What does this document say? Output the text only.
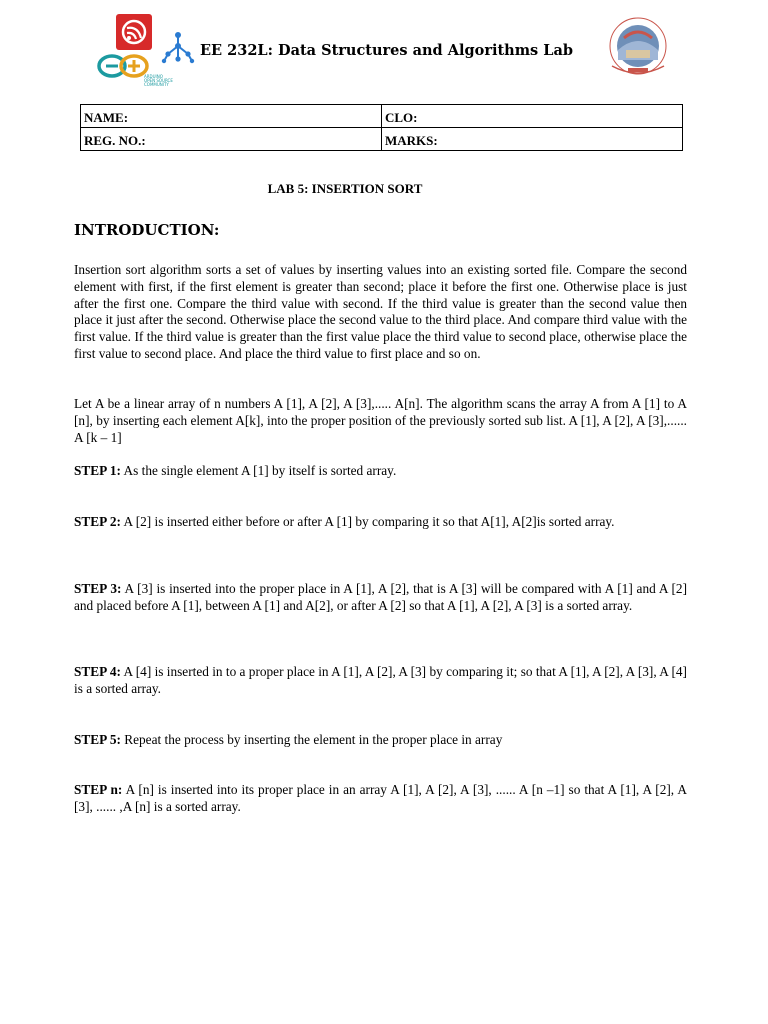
ARDUINO
OPEN SOURCE
COMMUNITY
EE 232L: Data Structures and Algorithms Lab
NAME:	CLO:
REG. NO.:	MARKS:
LAB 5: INSERTION SORT
INTRODUCTION:

Insertion sort algorithm sorts a set of values by inserting values into an existing sorted file. Compare the second element with first, if the first element is greater than second; place it before the first one. Otherwise place is just after the first one. Compare the third value with second. If the third value is greater than the second value then place it just after the second. Otherwise place the second value to the third place. And compare third value with the first value. If the third value is greater than the first value place the third value to second place, otherwise place the first value to second place. And place the third value to first place and so on.

Let A be a linear array of n numbers A [1], A [2], A [3],..... A[n]. The algorithm scans the array A from A [1] to A [n], by inserting each element A[k], into the proper position of the previously sorted sub list. A [1], A [2], A [3],...... A [k – 1]

STEP 1: As the single element A [1] by itself is sorted array.

STEP 2: A [2] is inserted either before or after A [1] by comparing it so that A[1], A[2]is sorted array.

STEP 3: A [3] is inserted into the proper place in A [1], A [2], that is A [3] will be compared with A [1] and A [2] and placed before A [1], between A [1] and A[2], or after A [2] so that A [1], A [2], A [3] is a sorted array.

STEP 4: A [4] is inserted in to a proper place in A [1], A [2], A [3] by comparing it; so that A [1], A [2], A [3], A [4] is a sorted array.

STEP 5: Repeat the process by inserting the element in the proper place in array

STEP n: A [n] is inserted into its proper place in an array A [1], A [2], A [3], ...... A [n –1] so that A [1], A [2], A [3], ...... ,A [n] is a sorted array.
